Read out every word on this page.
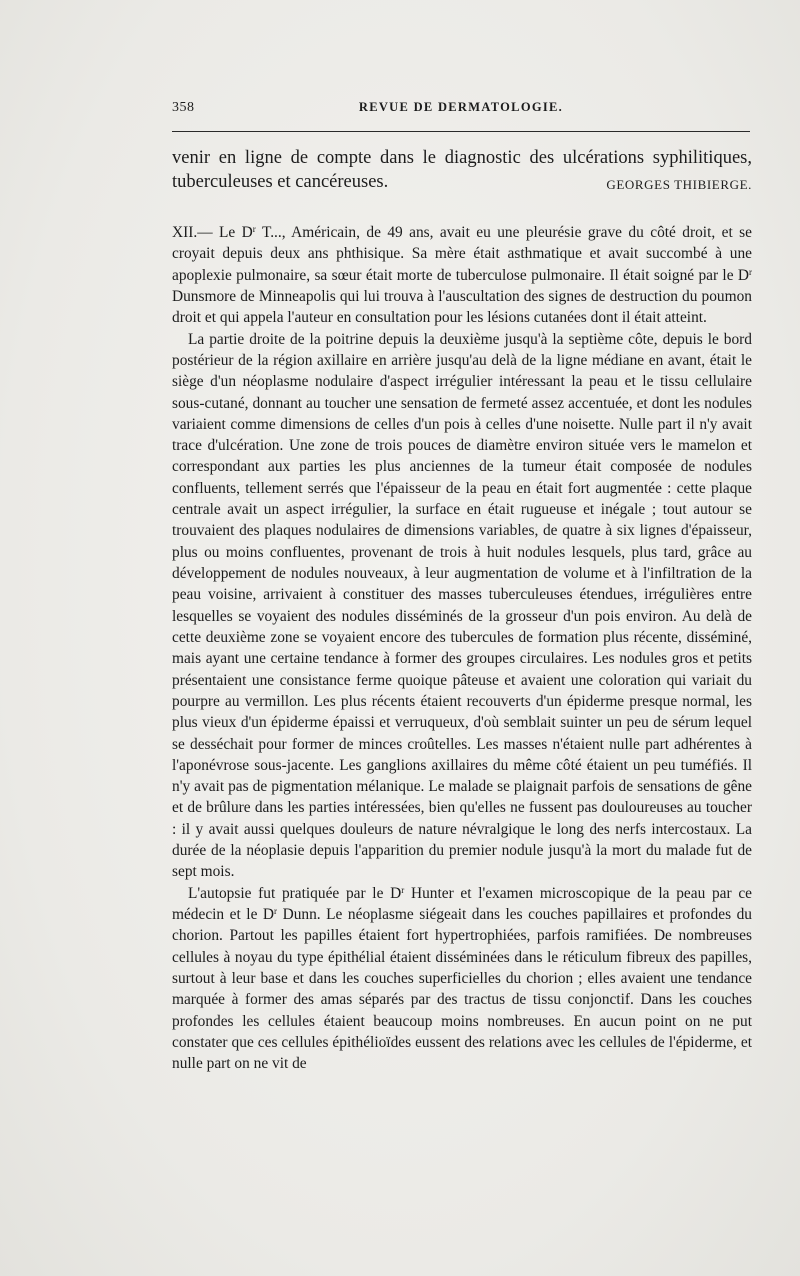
358	REVUE DE DERMATOLOGIE.

venir en ligne de compte dans le diagnostic des ulcérations syphilitiques,

tuberculeuses et cancéreuses.	GEORGES THIBIERGE.

XII.— Le $D^r$ T..., Américain, de 49 ans, avait eu une pleurésie grave du côté droit, et se croyait depuis deux ans phthisique. Sa mère était asthmatique et avait succombé à une apoplexie pulmonaire, sa sœur était morte de tuberculose pulmonaire. Il était soigné par le $D^r$ Dunsmore de Minneapolis qui lui trouva à l'auscultation des signes de destruction du poumon droit et qui appela l'auteur en consultation pour les lésions cutanées dont il était atteint.

La partie droite de la poitrine depuis la deuxième jusqu'à la septième côte, depuis le bord postérieur de la région axillaire en arrière jusqu'au delà de la ligne médiane en avant, était le siège d'un néoplasme nodulaire d'aspect irrégulier intéressant la peau et le tissu cellulaire sous-cutané, donnant au toucher une sensation de fermeté assez accentuée, et dont les nodules variaient comme dimensions de celles d'un pois à celles d'une noisette. Nulle part il n'y avait trace d'ulcération. Une zone de trois pouces de diamètre environ située vers le mamelon et correspondant aux parties les plus anciennes de la tumeur était composée de nodules confluents, tellement serrés que l'épaisseur de la peau en était fort augmentée : cette plaque centrale avait un aspect irrégulier, la surface en était rugueuse et inégale ; tout autour se trouvaient des plaques nodulaires de dimensions variables, de quatre à six lignes d'épaisseur, plus ou moins confluentes, provenant de trois à huit nodules lesquels, plus tard, grâce au développement de nodules nouveaux, à leur augmentation de volume et à l'infiltration de la peau voisine, arrivaient à constituer des masses tuberculeuses étendues, irrégulières entre lesquelles se voyaient des nodules disséminés de la grosseur d'un pois environ. Au delà de cette deuxième zone se voyaient encore des tubercules de formation plus récente, disséminé, mais ayant une certaine tendance à former des groupes circulaires. Les nodules gros et petits présentaient une consistance ferme quoique pâteuse et avaient une coloration qui variait du pourpre au vermillon. Les plus récents étaient recouverts d'un épiderme presque normal, les plus vieux d'un épiderme épaissi et verruqueux, d'où semblait suinter un peu de sérum lequel se desséchait pour former de minces croûtelles. Les masses n'étaient nulle part adhérentes à l'aponévrose sous-jacente. Les ganglions axillaires du même côté étaient un peu tuméfiés. Il n'y avait pas de pigmentation mélanique. Le malade se plaignait parfois de sensations de gêne et de brûlure dans les parties intéressées, bien qu'elles ne fussent pas douloureuses au toucher : il y avait aussi quelques douleurs de nature névralgique le long des nerfs intercostaux. La durée de la néoplasie depuis l'apparition du premier nodule jusqu'à la mort du malade fut de sept mois.

L'autopsie fut pratiquée par le $D^r$ Hunter et l'examen microscopique de la peau par ce médecin et le $D^r$ Dunn. Le néoplasme siégeait dans les couches papillaires et profondes du chorion. Partout les papilles étaient fort hypertrophiées, parfois ramifiées. De nombreuses cellules à noyau du type épithélial étaient disséminées dans le réticulum fibreux des papilles, surtout à leur base et dans les couches superficielles du chorion ; elles avaient une tendance marquée à former des amas séparés par des tractus de tissu conjonctif. Dans les couches profondes les cellules étaient beaucoup moins nombreuses. En aucun point on ne put constater que ces cellules épithélioïdes eussent des relations avec les cellules de l'épiderme, et nulle part on ne vit de
